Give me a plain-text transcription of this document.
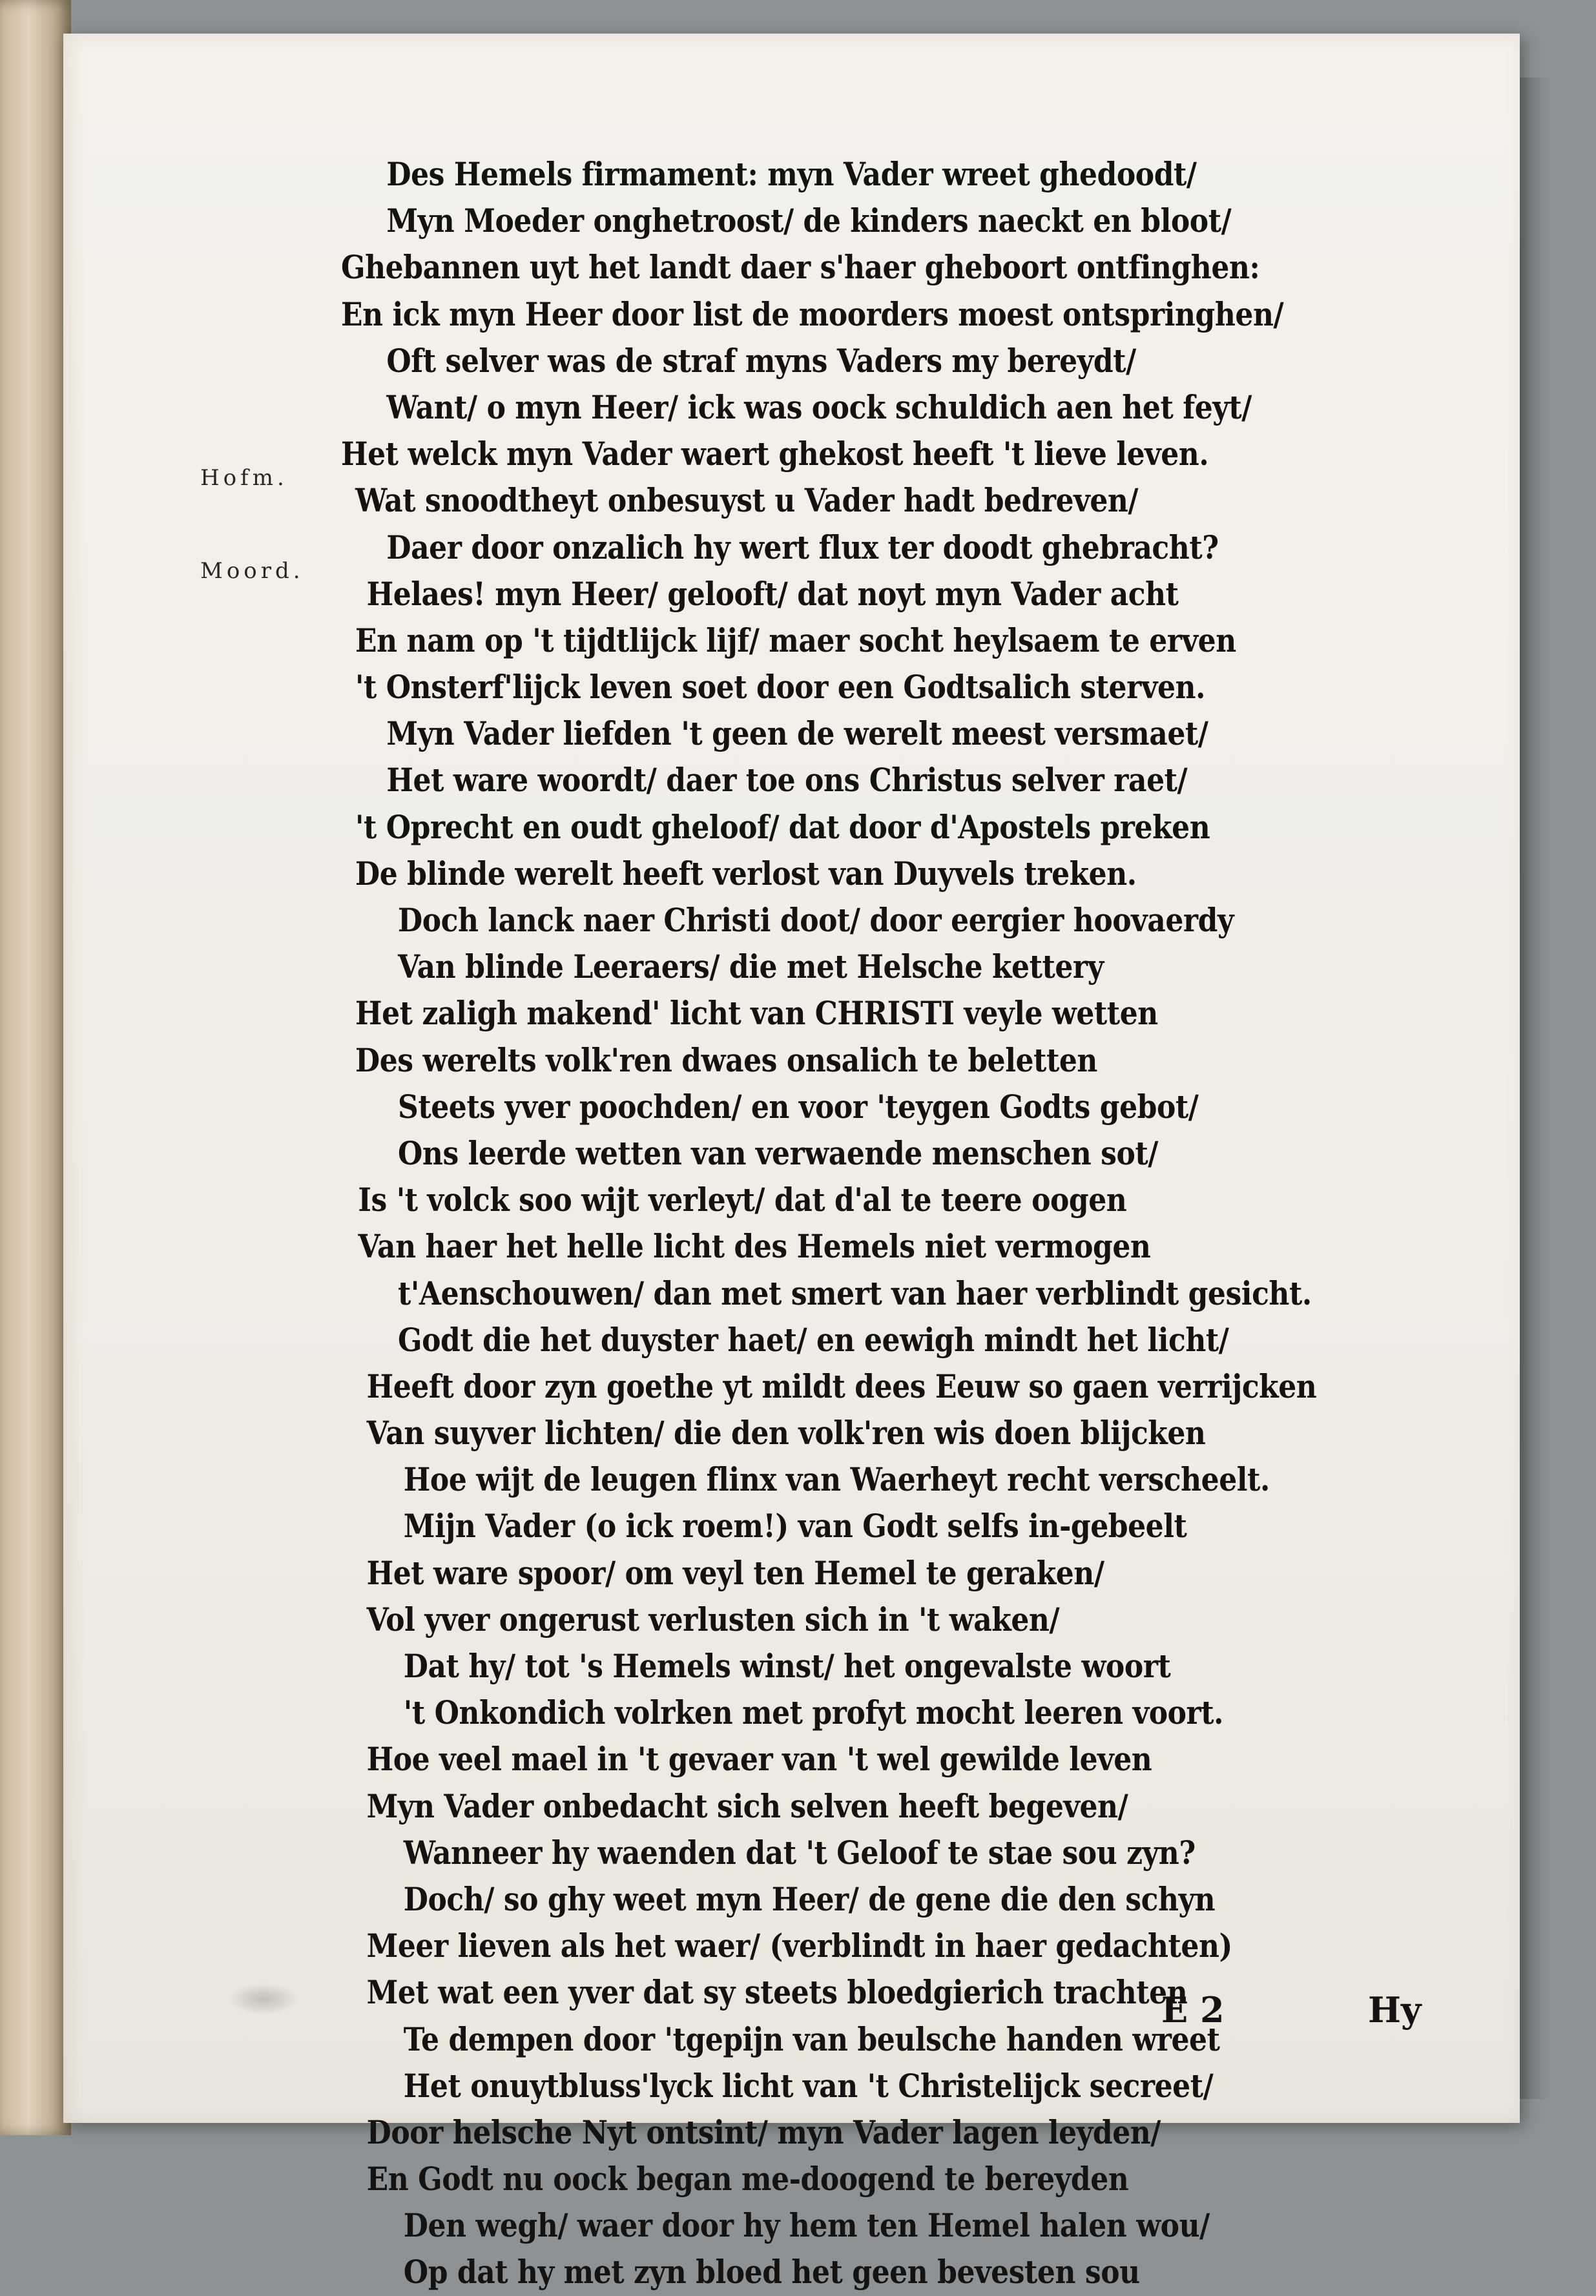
Hofm.
Moord.
Des Hemels firmament: myn Vader wreet ghedoodt/
Myn Moeder onghetroost/ de kinders naeckt en bloot/
Ghebannen uyt het landt daer s'haer gheboort ontfinghen:
En ick myn Heer door list de moorders moest ontspringhen/
Oft selver was de straf myns Vaders my bereydt/
Want/ o myn Heer/ ick was oock schuldich aen het feyt/
Het welck myn Vader waert ghekost heeft 't lieve leven.
Wat snoodtheyt onbesuyst u Vader hadt bedreven/
Daer door onzalich hy wert flux ter doodt ghebracht?
Helaes! myn Heer/ gelooft/ dat noyt myn Vader acht
En nam op 't tijdtlijck lijf/ maer socht heylsaem te erven
't Onsterf'lijck leven soet door een Godtsalich sterven.
Myn Vader liefden 't geen de werelt meest versmaet/
Het ware woordt/ daer toe ons Christus selver raet/
't Oprecht en oudt gheloof/ dat door d'Apostels preken
De blinde werelt heeft verlost van Duyvels treken.
Doch lanck naer Christi doot/ door eergier hoovaerdy
Van blinde Leeraers/ die met Helsche kettery
Het zaligh makend' licht van CHRISTI veyle wetten
Des werelts volk'ren dwaes onsalich te beletten
Steets yver poochden/ en voor 'teygen Godts gebot/
Ons leerde wetten van verwaende menschen sot/
Is 't volck soo wijt verleyt/ dat d'al te teere oogen
Van haer het helle licht des Hemels niet vermogen
t'Aenschouwen/ dan met smert van haer verblindt gesicht.
Godt die het duyster haet/ en eewigh mindt het licht/
Heeft door zyn goethe yt mildt dees Eeuw so gaen verrijcken
Van suyver lichten/ die den volk'ren wis doen blijcken
Hoe wijt de leugen flinx van Waerheyt recht verscheelt.
Mijn Vader (o ick roem!) van Godt selfs in-gebeelt
Het ware spoor/ om veyl ten Hemel te geraken/
Vol yver ongerust verlusten sich in 't waken/
Dat hy/ tot 's Hemels winst/ het ongevalste woort
't Onkondich volrken met profyt mocht leeren voort.
Hoe veel mael in 't gevaer van 't wel gewilde leven
Myn Vader onbedacht sich selven heeft begeven/
Wanneer hy waenden dat 't Geloof te stae sou zyn?
Doch/ so ghy weet myn Heer/ de gene die den schyn
Meer lieven als het waer/ (verblindt in haer gedachten)
Met wat een yver dat sy steets bloedgierich trachten
Te dempen door 'tgepijn van beulsche handen wreet
Het onuytbluss'lyck licht van 't Christelijck secreet/
Door helsche Nyt ontsint/ myn Vader lagen leyden/
En Godt nu oock began me-doogend te bereyden
Den wegh/ waer door hy hem ten Hemel halen wou/
Op dat hy met zyn bloed het geen bevesten sou
E 2	Hy
